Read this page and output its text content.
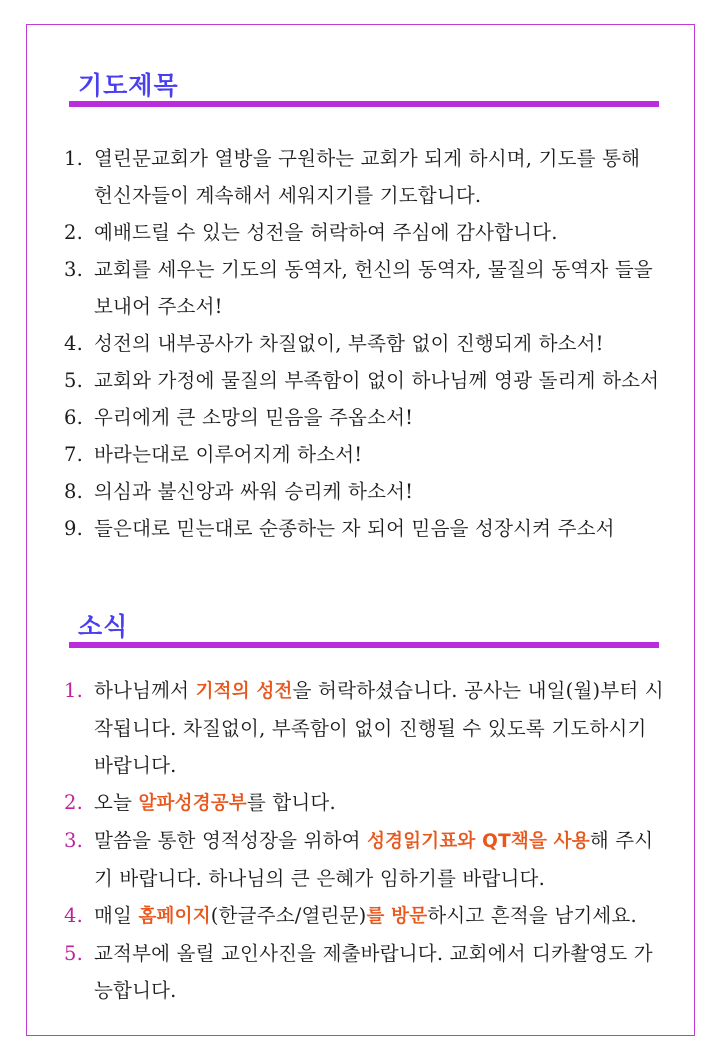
기도제목
1. 열린문교회가 열방을 구원하는 교회가 되게 하시며, 기도를 통해 헌신자들이 계속해서 세워지기를 기도합니다.
2. 예배드릴 수 있는 성전을 허락하여 주심에 감사합니다.
3. 교회를 세우는 기도의 동역자, 헌신의 동역자, 물질의 동역자 들을 보내어 주소서!
4. 성전의 내부공사가 차질없이, 부족함 없이 진행되게 하소서!
5. 교회와 가정에 물질의 부족함이 없이 하나님께 영광 돌리게 하소서
6. 우리에게 큰 소망의 믿음을 주옵소서!
7. 바라는대로 이루어지게 하소서!
8. 의심과 불신앙과 싸워 승리케 하소서!
9. 들은대로 믿는대로 순종하는 자 되어 믿음을 성장시켜 주소서
소식
1. 하나님께서 기적의 성전을 허락하셨습니다. 공사는 내일(월)부터 시작됩니다. 차질없이, 부족함이 없이 진행될 수 있도록 기도하시기 바랍니다.
2. 오늘 알파성경공부를 합니다.
3. 말씀을 통한 영적성장을 위하여 성경읽기표와 QT책을 사용해 주시기 바랍니다. 하나님의 큰 은혜가 임하기를 바랍니다.
4. 매일 홈페이지(한글주소/열린문)를 방문하시고 흔적을 남기세요.
5. 교적부에 올릴 교인사진을 제출바랍니다. 교회에서 디카촬영도 가능합니다.
